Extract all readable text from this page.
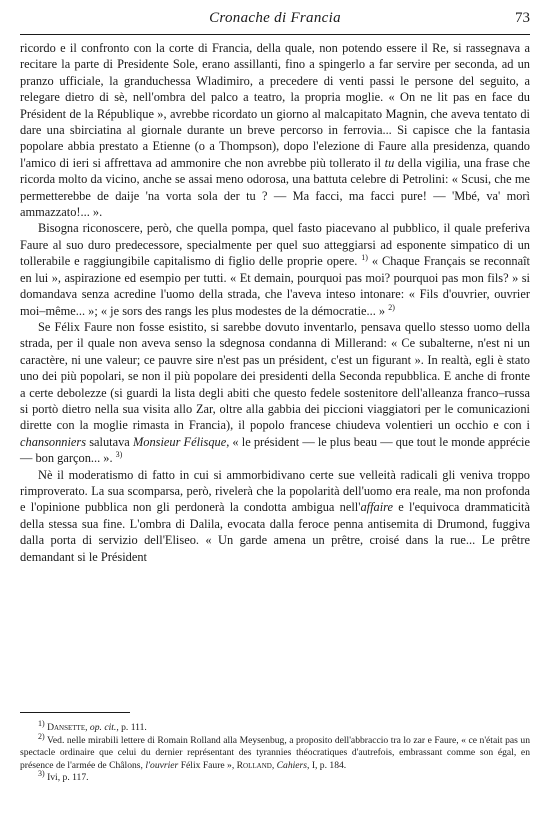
Cronache di Francia	73

ricordo e il confronto con la corte di Francia, della quale, non potendo essere il Re, si rassegnava a recitare la parte di Presidente Sole, erano assillanti, fino a spingerlo a far servire per seconda, ad un pranzo ufficiale, la granduchessa Wladimiro, a precedere di venti passi le persone del seguito, a relegare dietro di sè, nell'ombra del palco a teatro, la propria moglie. « On ne lit pas en face du Président de la République », avrebbe ricordato un giorno al malcapitato Magnin, che aveva tentato di dare una sbirciatina al giornale durante un breve percorso in ferrovia... Si capisce che la fantasia popolare abbia prestato a Etienne (o a Thompson), dopo l'elezione di Faure alla presidenza, quando l'amico di ieri si affrettava ad ammonire che non avrebbe più tollerato il tu della vigilia, una frase che ricorda molto da vicino, anche se assai meno odorosa, una battuta celebre di Petrolini: « Scusi, che me permetterebbe de daije 'na vorta sola der tu ? — Ma facci, ma facci pure! — 'Mbé, va' morì ammazzato!... ».

Bisogna riconoscere, però, che quella pompa, quel fasto piacevano al pubblico, il quale preferiva Faure al suo duro predecessore, specialmente per quel suo atteggiarsi ad esponente simpatico di un tollerabile e raggiungibile capitalismo di figlio delle proprie opere. $^{1)}$ « Chaque Français se reconnaît en lui », aspirazione ed esempio per tutti. « Et demain, pourquoi pas moi? pourquoi pas mon fils? » si domandava senza acredine l'uomo della strada, che l'aveva inteso intonare: « Fils d'ouvrier, ouvrier moi–même... »; « je sors des rangs les plus modestes de la démocratie... » $^{2)}$

Se Félix Faure non fosse esistito, si sarebbe dovuto inventarlo, pensava quello stesso uomo della strada, per il quale non aveva senso la sdegnosa condanna di Millerand: « Ce subalterne, n'est ni un caractère, ni une valeur; ce pauvre sire n'est pas un président, c'est un figurant ». In realtà, egli è stato uno dei più popolari, se non il più popolare dei presidenti della Seconda repubblica. E anche di fronte a certe debolezze (si guardi la lista degli abiti che questo fedele sostenitore dell'alleanza franco–russa si portò dietro nella sua visita allo Zar, oltre alla gabbia dei piccioni viaggiatori per le comunicazioni dirette con la moglie rimasta in Francia), il popolo francese chiudeva volentieri un occhio e con i chansonniers salutava Monsieur Félisque, « le président — le plus beau — que tout le monde apprécie — bon garçon... ». $^{3)}$

Nè il moderatismo di fatto in cui si ammorbidivano certe sue velleità radicali gli veniva troppo rimproverato. La sua scomparsa, però, rivelerà che la popolarità dell'uomo era reale, ma non profonda e l'opinione pubblica non gli perdonerà la condotta ambigua nell'affaire e l'equivoca drammaticità della stessa sua fine. L'ombra di Dalila, evocata dalla feroce penna antisemita di Drumond, fuggiva dalla porta di servizio dell'Eliseo. « Un garde amena un prêtre, croisé dans la rue... Le prêtre demandant si le Président

$^{1)}$ Dansette, op. cit., p. 111.

$^{2)}$ Ved. nelle mirabili lettere di Romain Rolland alla Meysenbug, a proposito dell'abbraccio tra lo zar e Faure, « ce n'était pas un spectacle ordinaire que celui du dernier représentant des tyrannies théocratiques d'autrefois, embrassant comme son égal, en présence de l'armée de Châlons, l'ouvrier Félix Faure », Rolland, Cahiers, I, p. 184.

$^{3)}$ Ivi, p. 117.
